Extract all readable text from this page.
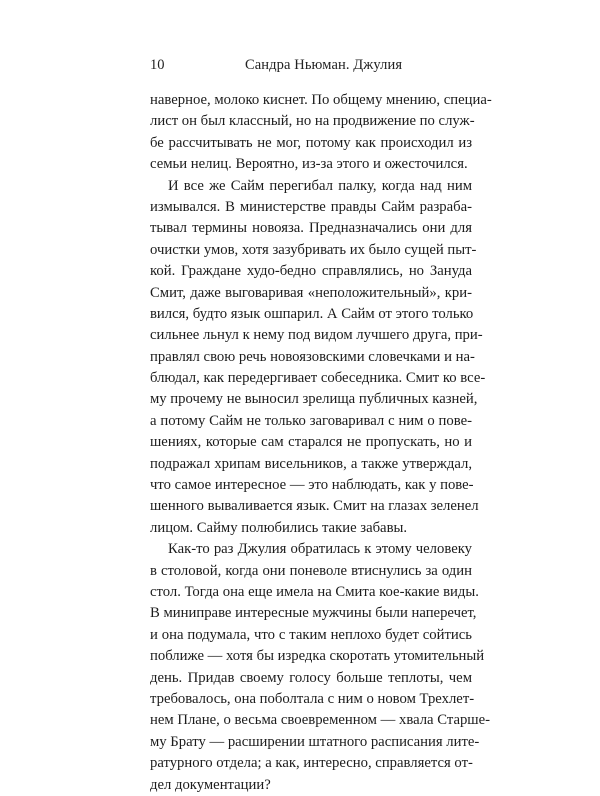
10	Сандра Ньюман. Джулия
наверное, молоко киснет. По общему мнению, специа-
лист он был классный, но на продвижение по служ-
бе рассчитывать не мог, потому как происходил из
семьи нелиц. Вероятно, из-за этого и ожесточился.
И все же Сайм перегибал палку, когда над ним
измывался. В министерстве правды Сайм разраба-
тывал термины новояза. Предназначались они для
очистки умов, хотя зазубривать их было сущей пыт-
кой. Граждане худо-бедно справлялись, но Зануда
Смит, даже выговаривая «неположительный», кри-
вился, будто язык ошпарил. А Сайм от этого только
сильнее льнул к нему под видом лучшего друга, при-
правлял свою речь новоязовскими словечками и на-
блюдал, как передергивает собеседника. Смит ко все-
му прочему не выносил зрелища публичных казней,
а потому Сайм не только заговаривал с ним о пове-
шениях, которые сам старался не пропускать, но и
подражал хрипам висельников, а также утверждал,
что самое интересное — это наблюдать, как у пове-
шенного вываливается язык. Смит на глазах зеленел
лицом. Сайму полюбились такие забавы.
Как-то раз Джулия обратилась к этому человеку
в столовой, когда они поневоле втиснулись за один
стол. Тогда она еще имела на Смита кое-какие виды.
В миниправе интересные мужчины были наперечет,
и она подумала, что с таким неплохо будет сойтись
поближе — хотя бы изредка скоротать утомительный
день. Придав своему голосу больше теплоты, чем
требовалось, она поболтала с ним о новом Трехлет-
нем Плане, о весьма своевременном — хвала Старше-
му Брату — расширении штатного расписания лите-
ратурного отдела; а как, интересно, справляется от-
дел документации?
